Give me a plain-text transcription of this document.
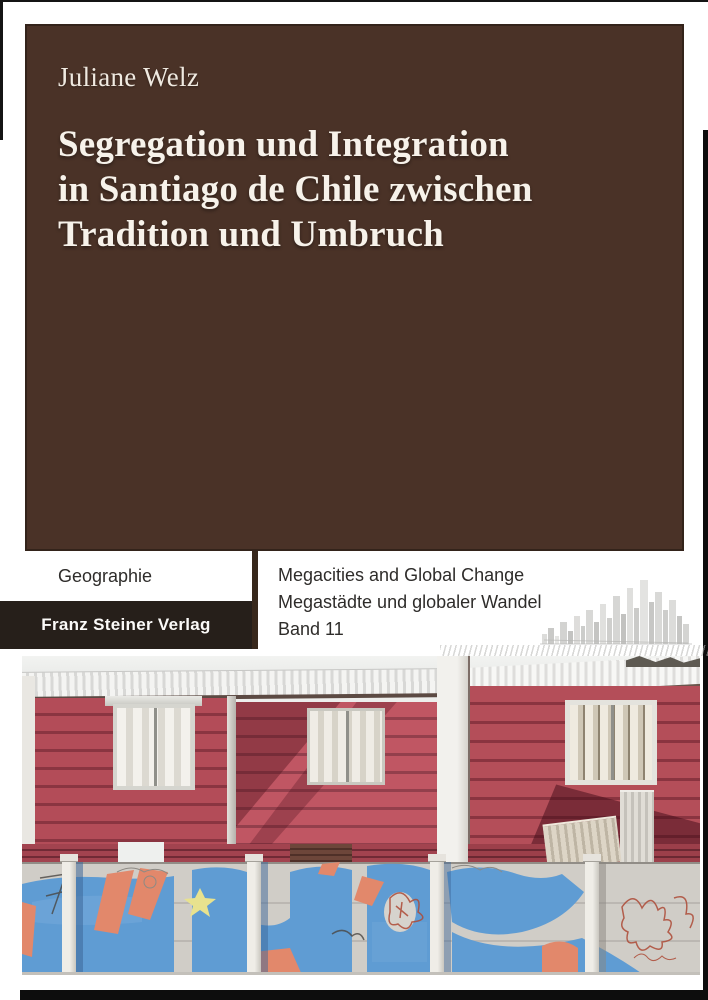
Juliane Welz
Segregation und Integration
in Santiago de Chile zwischen
Tradition und Umbruch
Geographie	Megacities and Global Change
Megastädte und globaler Wandel
Band 11
Franz Steiner Verlag
